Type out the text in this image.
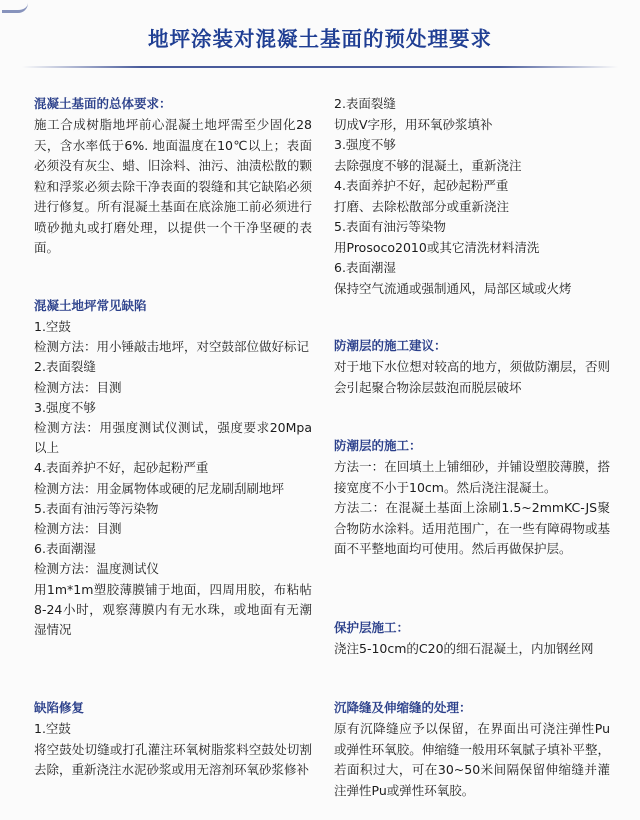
地坪涂装对混凝土基面的预处理要求
混凝土基面的总体要求：
施工合成树脂地坪前心混凝土地坪需至少固化28天，含水率低于6%. 地面温度在10℃以上；表面必须没有灰尘、蜡、旧涂料、油污、油渍松散的颗粒和浮浆必须去除干净表面的裂缝和其它缺陷必须进行修复。所有混凝土基面在底涂施工前必须进行喷砂抛丸或打磨处理，以提供一个干净坚硬的表面。
混凝土地坪常见缺陷
1.空鼓
检测方法：用小锤敲击地坪，对空鼓部位做好标记
2.表面裂缝
检测方法：目测
3.强度不够
检测方法：用强度测试仪测试，强度要求20Mpa以上
4.表面养护不好，起砂起粉严重
检测方法：用金属物体或硬的尼龙刷刮刷地坪
5.表面有油污等污染物
检测方法：目测
6.表面潮湿
检测方法：温度测试仪
用1m*1m塑胶薄膜铺于地面，四周用胶，布粘帖8-24小时，观察薄膜内有无水珠，或地面有无潮湿情况
缺陷修复
1.空鼓
将空鼓处切缝或打孔灌注环氧树脂浆料空鼓处切割去除，重新浇注水泥砂浆或用无溶剂环氧砂浆修补
2.表面裂缝
切成V字形，用环氧砂浆填补
3.强度不够
去除强度不够的混凝土，重新浇注
4.表面养护不好，起砂起粉严重
打磨、去除松散部分或重新浇注
5.表面有油污等染物
用Prosoco2010或其它清洗材料清洗
6.表面潮湿
保持空气流通或强制通风，局部区域或火烤
防潮层的施工建议：
对于地下水位想对较高的地方，须做防潮层，否则会引起聚合物涂层鼓泡而脱层破坏
防潮层的施工：
方法一：在回填土上铺细砂，并铺设塑胶薄膜，搭接宽度不小于10cm。然后浇注混凝土。
方法二：在混凝土基面上涂刷1.5~2mmKC-JS聚合物防水涂料。适用范围广，在一些有障碍物或基面不平整地面均可使用。然后再做保护层。
保护层施工：
浇注5-10cm的C20的细石混凝土，内加钢丝网
沉降缝及伸缩缝的处理：
原有沉降缝应予以保留，在界面出可浇注弹性Pu或弹性环氧胶。伸缩缝一般用环氧腻子填补平整，若面积过大，可在30~50米间隔保留伸缩缝并灌注弹性Pu或弹性环氧胶。
